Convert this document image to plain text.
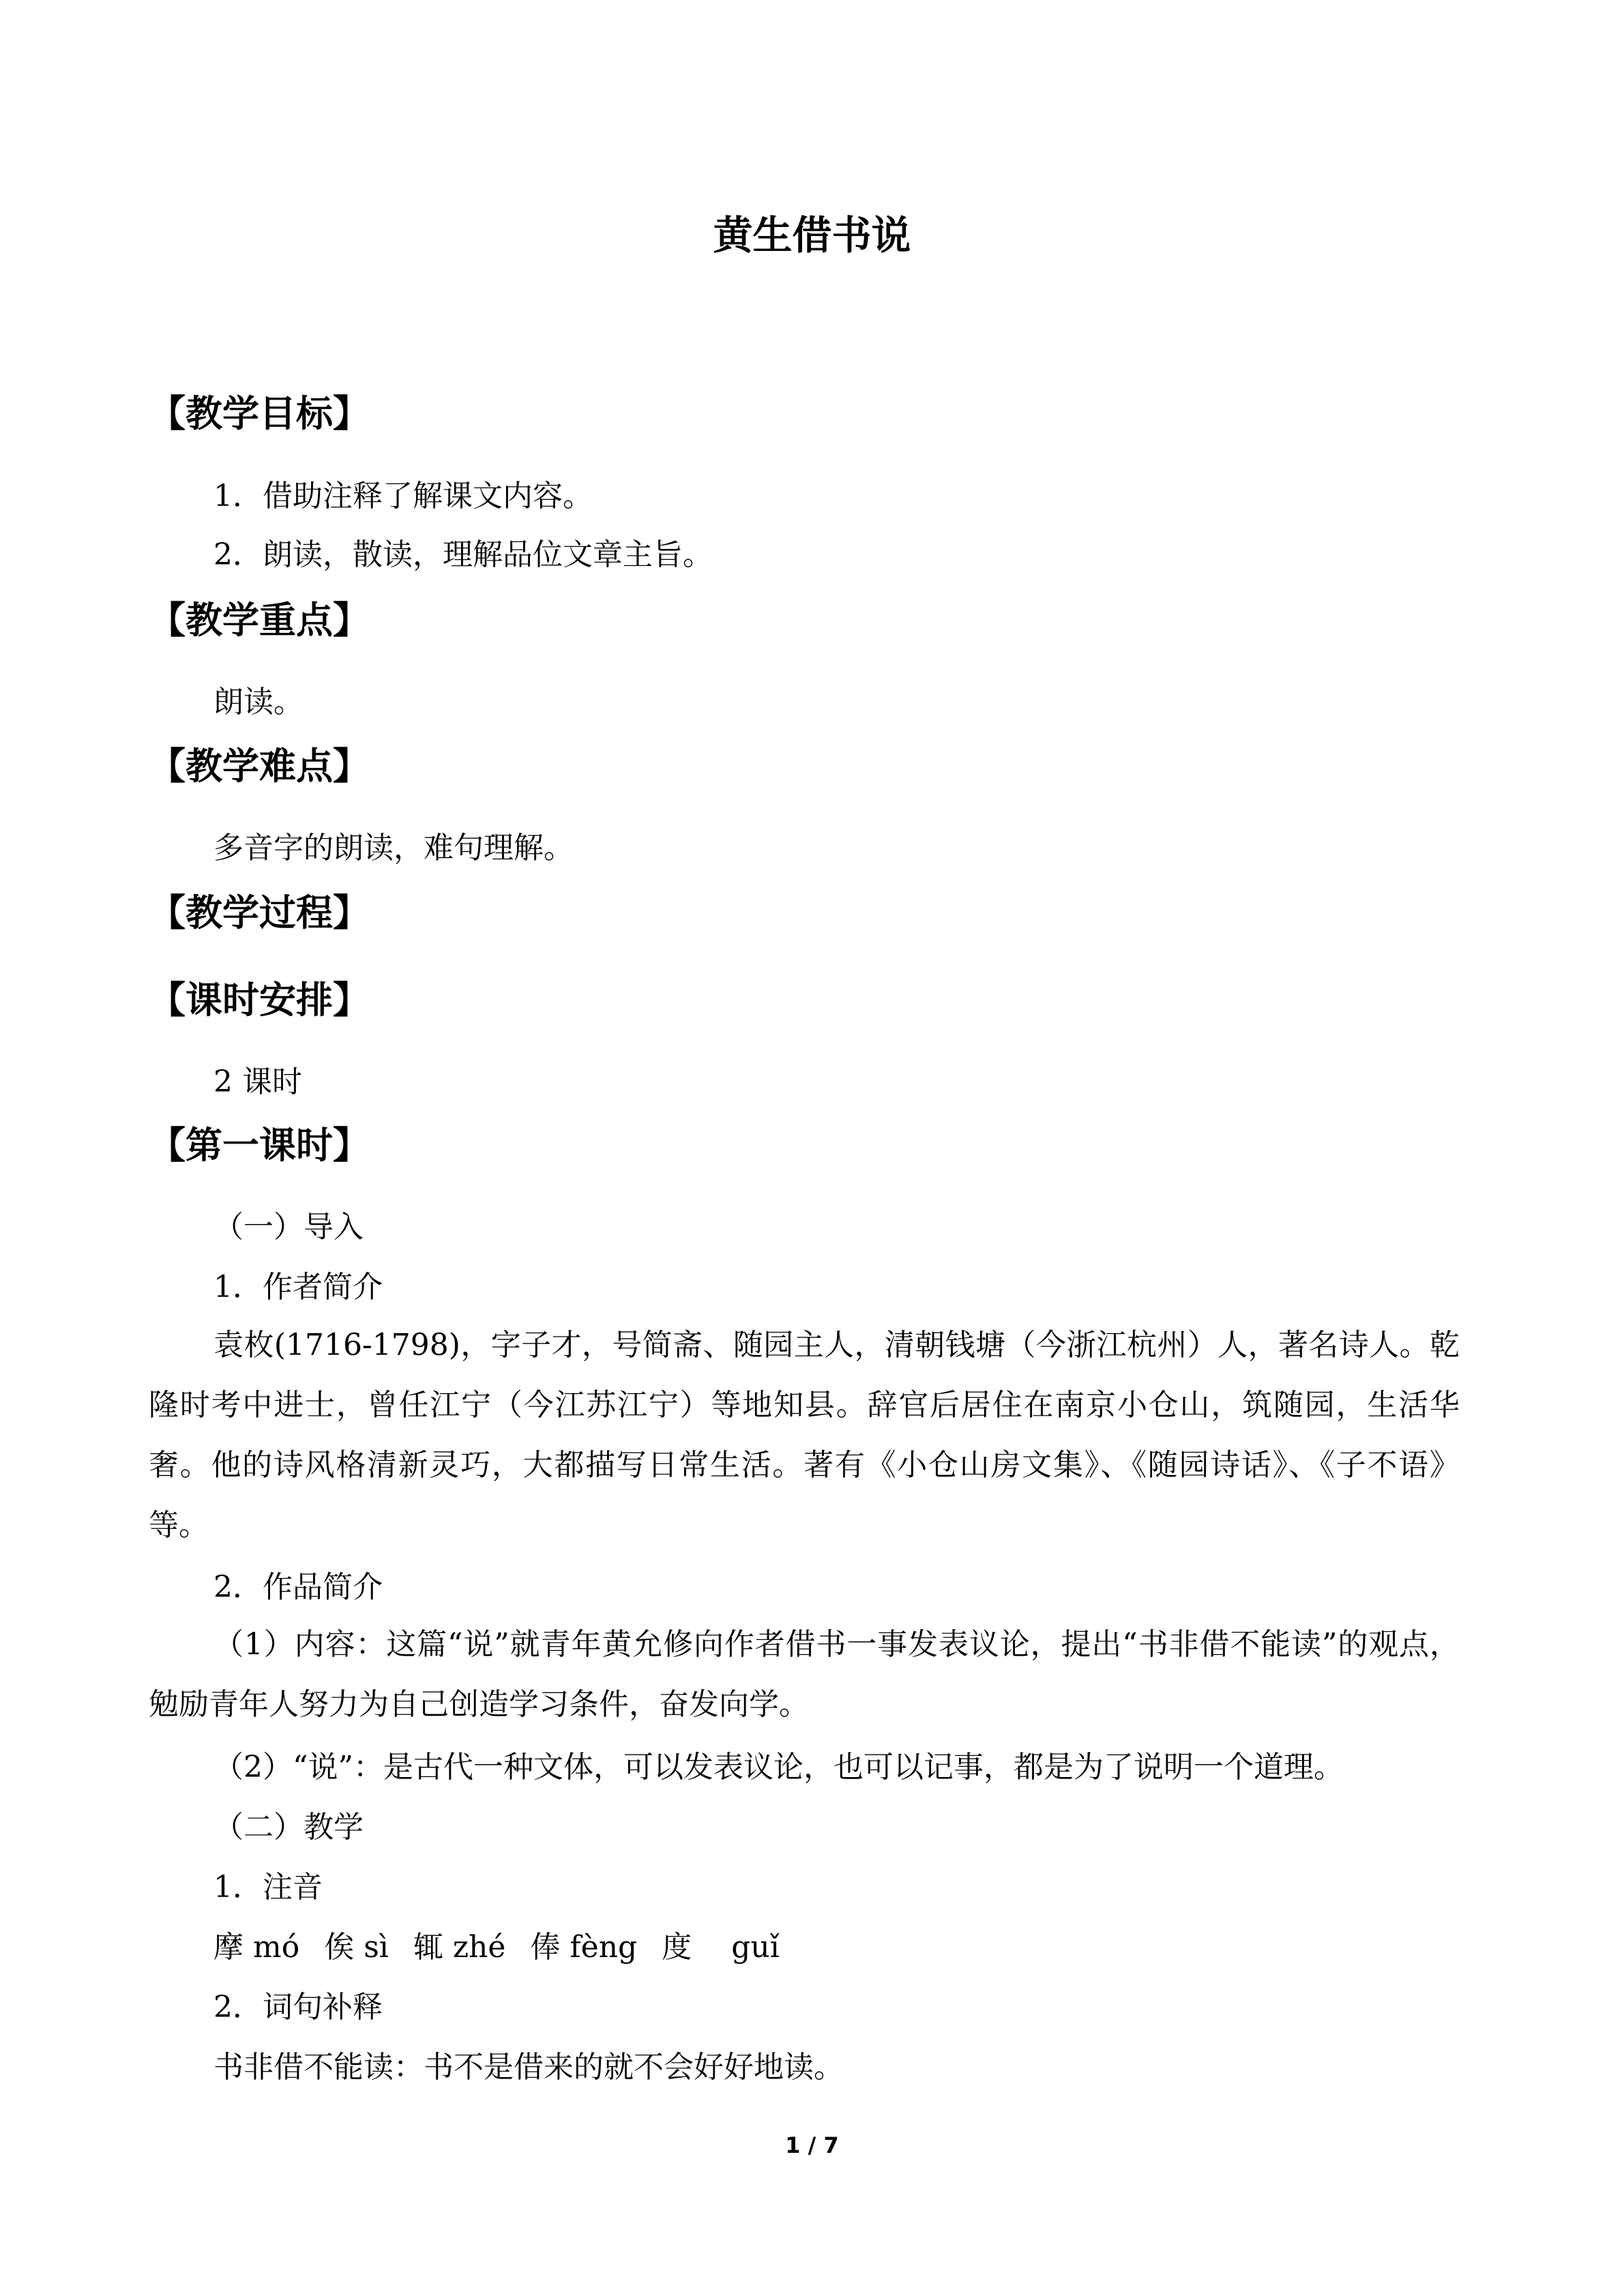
黄生借书说
【教学目标】
1．借助注释了解课文内容。
2．朗读，散读，理解品位文章主旨。
【教学重点】
朗读。
【教学难点】
多音字的朗读，难句理解。
【教学过程】
【课时安排】
2 课时
【第一课时】
（一）导入
1．作者简介
袁枚(1716-1798)，字子才，号简斋、随园主人，清朝钱塘（今浙江杭州）人，著名诗人。乾隆时考中进士，曾任江宁（今江苏江宁）等地知县。辞官后居住在南京小仓山，筑随园，生活华奢。他的诗风格清新灵巧，大都描写日常生活。著有《小仓山房文集》、《随园诗话》、《子不语》等。
2．作品简介
（1）内容：这篇“说”就青年黄允修向作者借书一事发表议论，提出“书非借不能读”的观点，勉励青年人努力为自己创造学习条件，奋发向学。
（2）“说”：是古代一种文体，可以发表议论，也可以记事，都是为了说明一个道理。
（二）教学
1．注音
摩 mó 俟 sì 辄 zhé 俸 fèng 度 guǐ
2．词句补释
书非借不能读：书不是借来的就不会好好地读。
1 / 7
